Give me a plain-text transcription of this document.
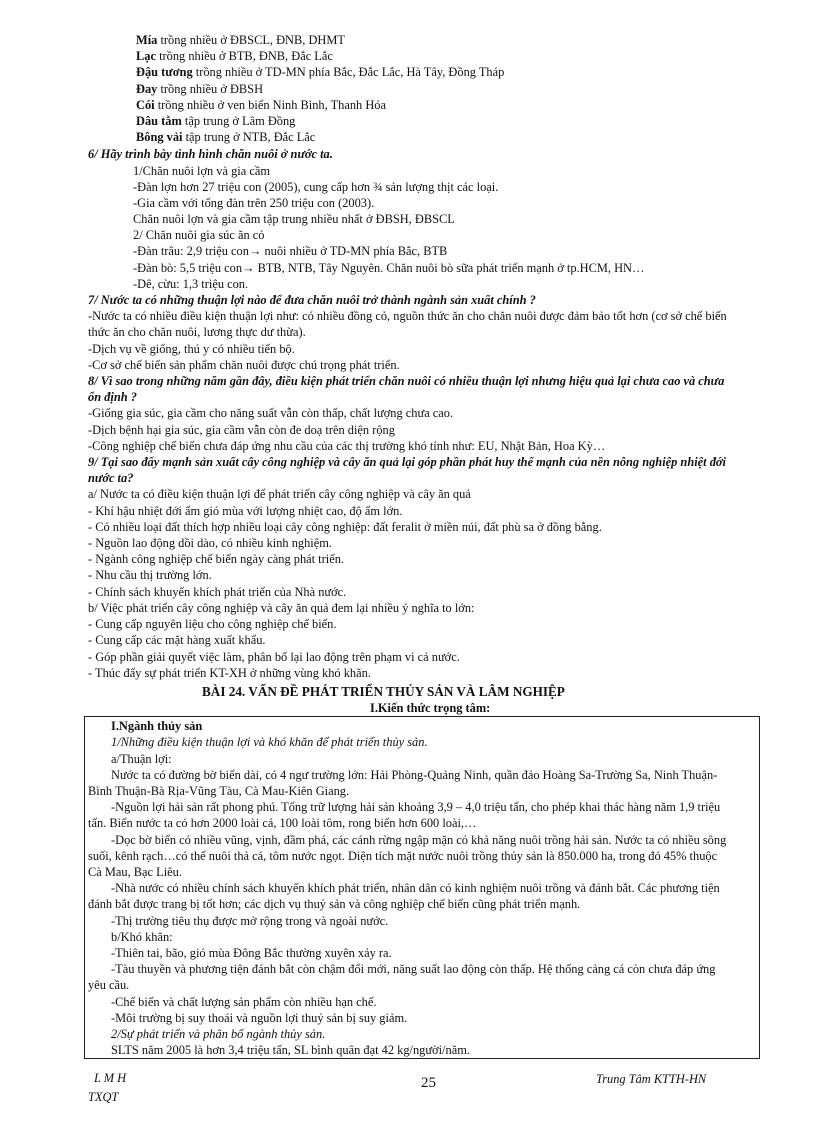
Mía trồng nhiều ở ĐBSCL, ĐNB, DHMT
Lạc trồng nhiều ở BTB, ĐNB, Đắc Lắc
Đậu tương trồng nhiều ở TD-MN phía Bắc, Đắc Lắc, Hà Tây, Đồng Tháp
Đay trồng nhiều ở ĐBSH
Cói trồng nhiều ở ven biển Ninh Bình, Thanh Hóa
Dâu tằm tập trung ở Lâm Đồng
Bông vải tập trung ở NTB, Đắc Lắc
6/ Hãy trình bày tình hình chăn nuôi ở nước ta.
1/Chăn nuôi lợn và gia cầm
-Đàn lợn hơn 27 triệu con (2005), cung cấp hơn ¾ sản lượng thịt các loại.
-Gia cầm với tổng đàn trên 250 triệu con (2003).
Chăn nuôi lợn và gia cầm tập trung nhiều nhất ở ĐBSH, ĐBSCL
2/ Chăn nuôi gia súc ăn cỏ
-Đàn trâu: 2,9 triệu con→ nuôi nhiều ở TD-MN phía Bắc, BTB
-Đàn bò: 5,5 triệu con→ BTB, NTB, Tây Nguyên. Chăn nuôi bò sữa phát triển mạnh ở tp.HCM, HN…
-Dê, cừu: 1,3 triệu con.
7/ Nước ta có những thuận lợi nào để đưa chăn nuôi trở thành ngành sản xuất chính ?
-Nước ta có nhiều điều kiện thuận lợi như: có nhiều đồng cỏ, nguồn thức ăn cho chăn nuôi được đảm bảo tốt hơn (cơ sở chế biến
thức ăn cho chăn nuôi, lương thực dư thừa).
-Dịch vụ về giống, thú y có nhiều tiến bộ.
-Cơ sở chế biến sản phẩm chăn nuôi được chú trọng phát triển.
8/ Vì sao trong những năm gần đây, điều kiện phát triển chăn nuôi có nhiều thuận lợi nhưng hiệu quả lại chưa cao và chưa
ổn định ?
-Giống gia súc, gia cầm cho năng suất vẫn còn thấp, chất lượng chưa cao.
-Dịch bệnh hại gia súc, gia cầm vẫn còn đe doạ trên diện rộng
-Công nghiệp chế biến chưa đáp ứng nhu cầu của các thị trường khó tính như: EU, Nhật Bản, Hoa Kỳ…
9/ Tại sao đẩy mạnh sản xuất cây công nghiệp và cây ăn quả lại góp phần phát huy thế mạnh của nền nông nghiệp nhiệt đới
nước ta?
a/ Nước ta có điều kiện thuận lợi để phát triển cây công nghiệp và cây ăn quả
- Khí hậu nhiệt đới ẩm gió mùa với lượng nhiệt cao, độ ẩm lớn.
- Có nhiều loại đất thích hợp nhiều loại cây công nghiệp: đất feralit ở miền núi, đất phù sa ở đồng bằng.
- Nguồn lao động dồi dào, có nhiều kinh nghiệm.
- Ngành công nghiệp chế biến ngày càng phát triển.
- Nhu cầu thị trường lớn.
- Chính sách khuyến khích phát triển của Nhà nước.
b/ Việc phát triển cây công nghiệp và cây ăn quả đem lại nhiều ý nghĩa to lớn:
- Cung cấp nguyên liệu cho công nghiệp chế biến.
- Cung cấp các mặt hàng xuất khẩu.
- Góp phần giải quyết việc làm, phân bố lại lao động trên phạm vi cả nước.
- Thúc đẩy sự phát triển KT-XH ở những vùng khó khăn.
BÀI 24. VẤN ĐỀ PHÁT TRIỂN THỦY SẢN VÀ LÂM NGHIỆP
I.Kiến thức trọng tâm:
I.Ngành thủy sản
1/Những điều kiện thuận lợi và khó khăn để phát triển thủy sản.
a/Thuận lợi:
Nước ta có đường bờ biển dài, có 4 ngư trường lớn: Hải Phòng-Quảng Ninh, quần đảo Hoàng Sa-Trường Sa, Ninh Thuận-
Bình Thuận-Bà Rịa-Vũng Tàu, Cà Mau-Kiên Giang.
-Nguồn lợi hải sản rất phong phú. Tổng trữ lượng hải sản khoảng 3,9 – 4,0 triệu tấn, cho phép khai thác hàng năm 1,9 triệu
tấn. Biển nước ta có hơn 2000 loài cá, 100 loài tôm, rong biển hơn 600 loài,…
-Dọc bờ biển có nhiều vũng, vịnh, đầm phá, các cánh rừng ngập mặn có khả năng nuôi trồng hải sản. Nước ta có nhiều sông
suối, kênh rạch…có thể nuôi thả cá, tôm nước ngọt. Diện tích mặt nước nuôi trồng thủy sản là 850.000 ha, trong đó 45% thuộc
Cà Mau, Bạc Liêu.
-Nhà nước có nhiều chính sách khuyến khích phát triển, nhân dân có kinh nghiệm nuôi trồng và đánh bắt. Các phương tiện
đánh bắt được trang bị tốt hơn; các dịch vụ thuỷ sản và công nghiệp chế biến cũng phát triển mạnh.
-Thị trường tiêu thụ được mở rộng trong và ngoài nước.
b/Khó khăn:
-Thiên tai, bão, gió mùa Đông Bắc thường xuyên xảy ra.
-Tàu thuyền và phương tiện đánh bắt còn chậm đổi mới, năng suất lao động còn thấp. Hệ thống cảng cá còn chưa đáp ứng
yêu cầu.
-Chế biến và chất lượng sản phẩm còn nhiều hạn chế.
-Môi trường bị suy thoái và nguồn lợi thuỷ sản bị suy giảm.
2/Sự phát triển và phân bố ngành thủy sản.
SLTS năm 2005 là hơn 3,4 triệu tấn, SL bình quân đạt 42 kg/người/năm.
L M H
TXQT
25	Trung Tâm KTTH-HN
